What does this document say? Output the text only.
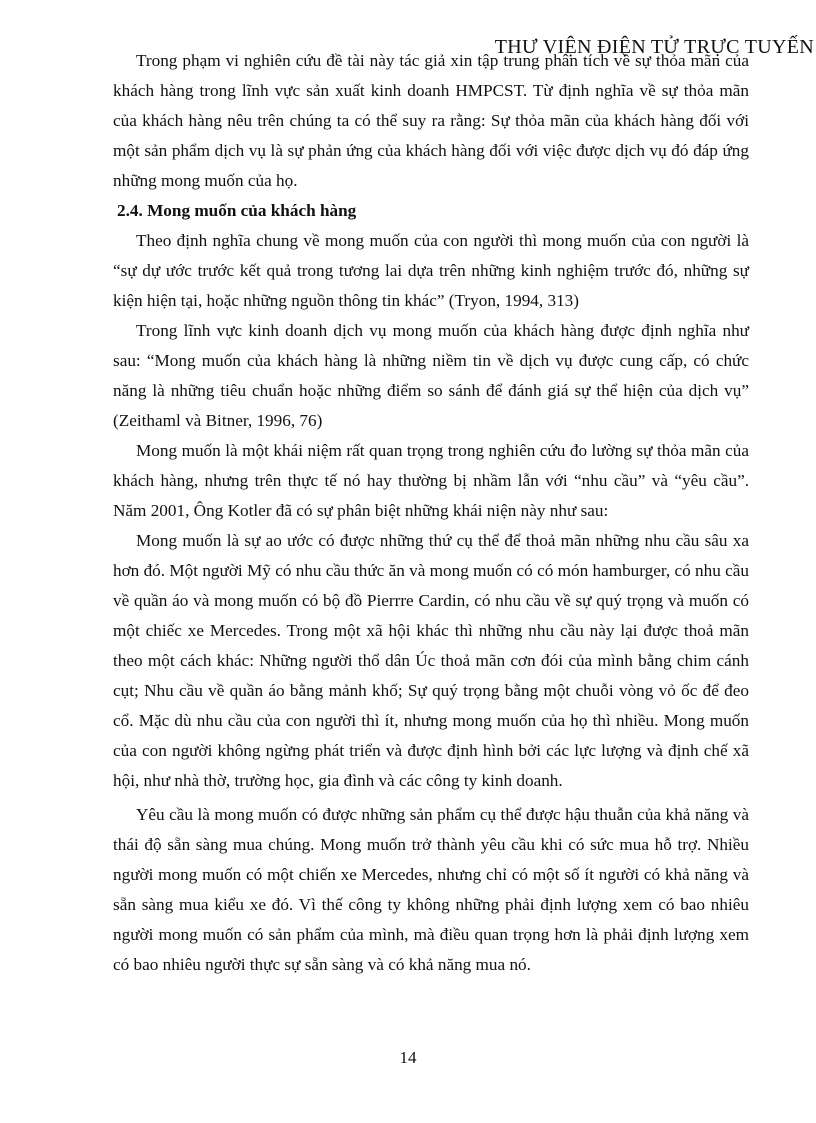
THƯ VIỆN ĐIỆN TỬ TRỰC TUYẾN

Trong phạm vi nghiên cứu đề tài này tác giả xin tập trung phân tích về sự thỏa mãn của khách hàng trong lĩnh vực sản xuất kinh doanh HMPCST. Từ định nghĩa về sự thỏa mãn của khách hàng nêu trên chúng ta có thể suy ra rằng: Sự thỏa mãn của khách hàng đối với một sản phẩm dịch vụ là sự phản ứng của khách hàng đối với việc được dịch vụ đó đáp ứng những mong muốn của họ.

2.4. Mong muốn của khách hàng

Theo định nghĩa chung về mong muốn của con người thì mong muốn của con người là “sự dự ước trước kết quả trong tương lai dựa trên những kinh nghiệm trước đó, những sự kiện hiện tại, hoặc những nguồn thông tin khác” (Tryon, 1994, 313)

Trong lĩnh vực kinh doanh dịch vụ mong muốn của khách hàng được định nghĩa như sau: “Mong muốn của khách hàng là những niềm tin về dịch vụ được cung cấp, có chức năng là những tiêu chuẩn hoặc những điểm so sánh để đánh giá sự thể hiện của dịch vụ” (Zeithaml và Bitner, 1996, 76)

Mong muốn là một khái niệm rất quan trọng trong nghiên cứu đo lường sự thỏa mãn của khách hàng, nhưng trên thực tế nó hay thường bị nhầm lẫn với “nhu cầu” và “yêu cầu”. Năm 2001, Ông Kotler đã có sự phân biệt những khái niện này như sau:

Mong muốn là sự ao ước có được những thứ cụ thể để thoả mãn những nhu cầu sâu xa hơn đó. Một người Mỹ có nhu cầu thức ăn và mong muốn có có món hamburger, có nhu cầu về quần áo và mong muốn có bộ đồ Pierrre Cardin, có nhu cầu về sự quý trọng và muốn có một chiếc xe Mercedes. Trong một xã hội khác thì những nhu cầu này lại được thoả mãn theo một cách khác: Những người thổ dân Úc thoả mãn cơn đói của mình bằng chim cánh cụt; Nhu cầu về quần áo bằng mảnh khố; Sự quý trọng bằng một chuỗi vòng vỏ ốc để đeo cổ. Mặc dù nhu cầu của con người thì ít, nhưng mong muốn của họ thì nhiều. Mong muốn của con người không ngừng phát triển và được định hình bởi các lực lượng và định chế xã hội, như nhà thờ, trường học, gia đình và các công ty kinh doanh.

Yêu cầu là mong muốn có được những sản phẩm cụ thể được hậu thuẫn của khả năng và thái độ sẵn sàng mua chúng. Mong muốn trở thành yêu cầu khi có sức mua hỗ trợ. Nhiều người mong muốn có một chiến xe Mercedes, nhưng chỉ có một số ít người có khả năng và sẵn sàng mua kiểu xe đó. Vì thế công ty không những phải định lượng xem có bao nhiêu người mong muốn có sản phẩm của mình, mà điều quan trọng hơn là phải định lượng xem có bao nhiêu người thực sự sẵn sàng và có khả năng mua nó.

14
